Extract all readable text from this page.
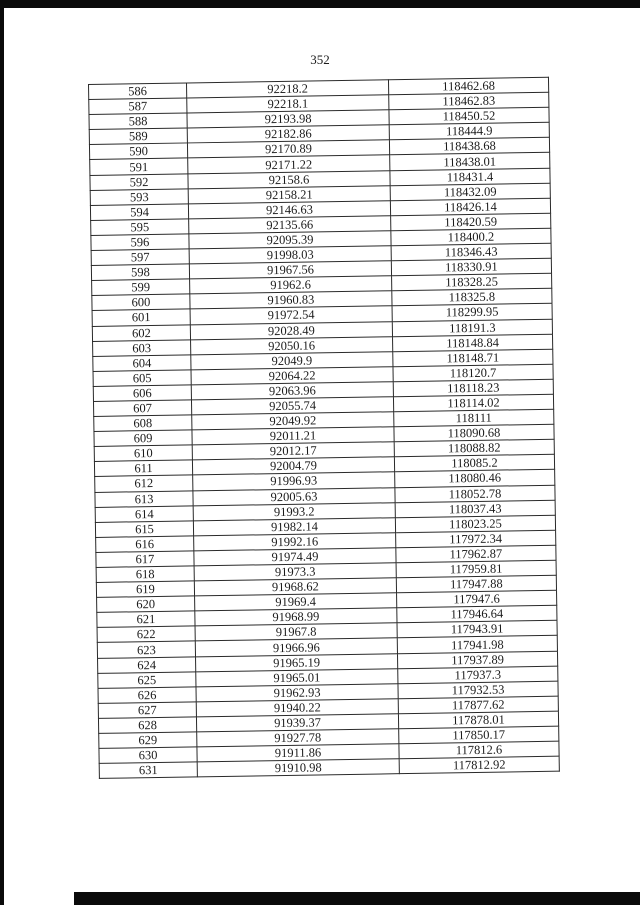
352
586	92218.2	118462.68
587	92218.1	118462.83
588	92193.98	118450.52
589	92182.86	118444.9
590	92170.89	118438.68
591	92171.22	118438.01
592	92158.6	118431.4
593	92158.21	118432.09
594	92146.63	118426.14
595	92135.66	118420.59
596	92095.39	118400.2
597	91998.03	118346.43
598	91967.56	118330.91
599	91962.6	118328.25
600	91960.83	118325.8
601	91972.54	118299.95
602	92028.49	118191.3
603	92050.16	118148.84
604	92049.9	118148.71
605	92064.22	118120.7
606	92063.96	118118.23
607	92055.74	118114.02
608	92049.92	118111
609	92011.21	118090.68
610	92012.17	118088.82
611	92004.79	118085.2
612	91996.93	118080.46
613	92005.63	118052.78
614	91993.2	118037.43
615	91982.14	118023.25
616	91992.16	117972.34
617	91974.49	117962.87
618	91973.3	117959.81
619	91968.62	117947.88
620	91969.4	117947.6
621	91968.99	117946.64
622	91967.8	117943.91
623	91966.96	117941.98
624	91965.19	117937.89
625	91965.01	117937.3
626	91962.93	117932.53
627	91940.22	117877.62
628	91939.37	117878.01
629	91927.78	117850.17
630	91911.86	117812.6
631	91910.98	117812.92
